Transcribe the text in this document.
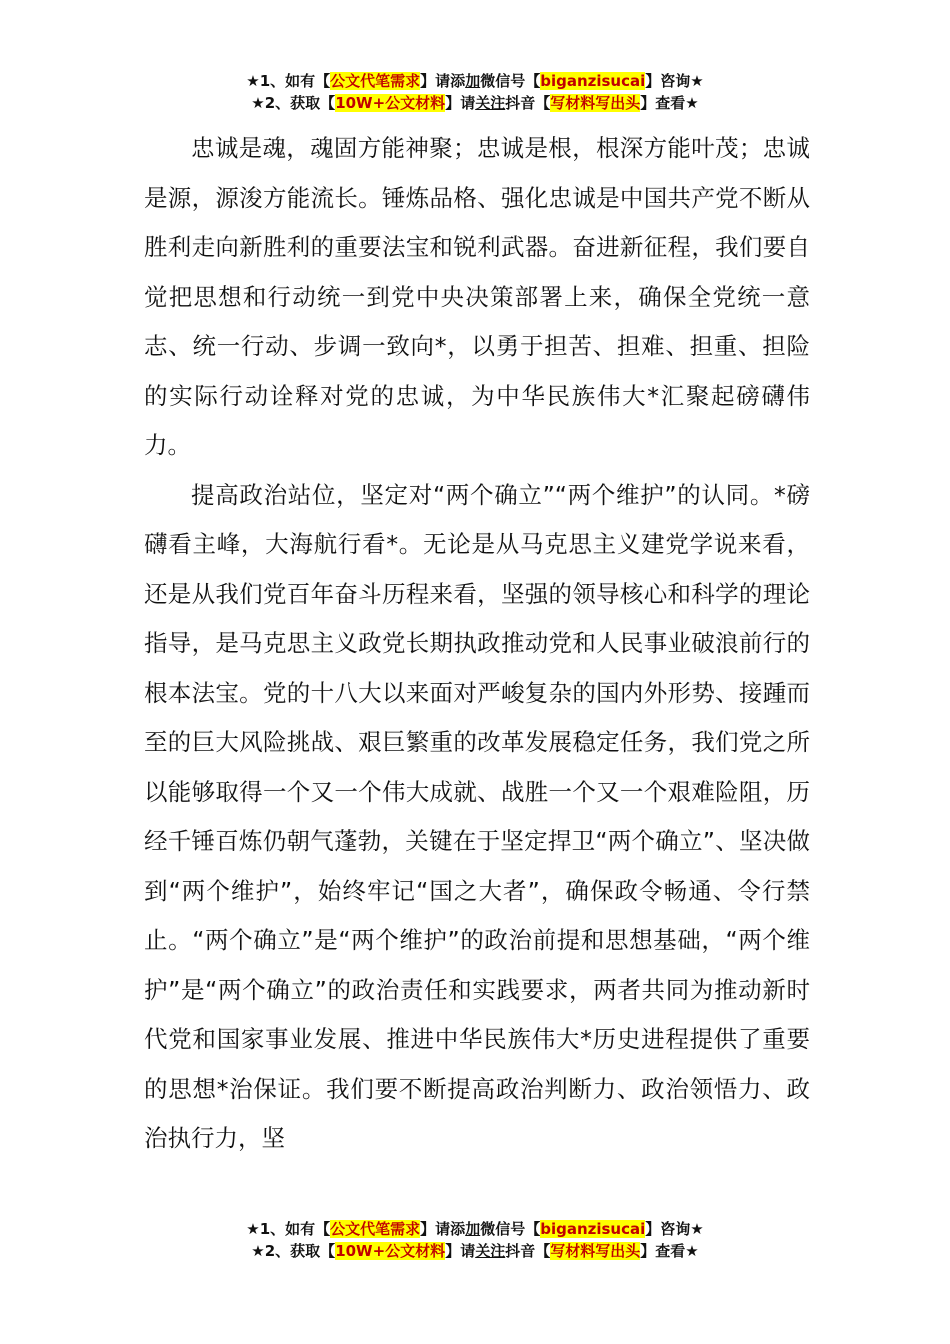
★1、如有【公文代笔需求】请添加微信号【biganzisucai】咨询★
★2、获取【10W+公文材料】请关注抖音【写材料写出头】查看★

忠诚是魂，魂固方能神聚；忠诚是根，根深方能叶茂；忠诚是源，源浚方能流长。锤炼品格、强化忠诚是中国共产党不断从胜利走向新胜利的重要法宝和锐利武器。奋进新征程，我们要自觉把思想和行动统一到党中央决策部署上来，确保全党统一意志、统一行动、步调一致向*，以勇于担苦、担难、担重、担险的实际行动诠释对党的忠诚，为中华民族伟大*汇聚起磅礴伟力。

提高政治站位，坚定对“两个确立”“两个维护”的认同。*磅礴看主峰，大海航行看*。无论是从马克思主义建党学说来看，还是从我们党百年奋斗历程来看，坚强的领导核心和科学的理论指导，是马克思主义政党长期执政推动党和人民事业破浪前行的根本法宝。党的十八大以来面对严峻复杂的国内外形势、接踵而至的巨大风险挑战、艰巨繁重的改革发展稳定任务，我们党之所以能够取得一个又一个伟大成就、战胜一个又一个艰难险阻，历经千锤百炼仍朝气蓬勃，关键在于坚定捍卫“两个确立”、坚决做到“两个维护”，始终牢记“国之大者”，确保政令畅通、令行禁止。“两个确立”是“两个维护”的政治前提和思想基础，“两个维护”是“两个确立”的政治责任和实践要求，两者共同为推动新时代党和国家事业发展、推进中华民族伟大*历史进程提供了重要的思想*治保证。我们要不断提高政治判断力、政治领悟力、政治执行力，坚

★1、如有【公文代笔需求】请添加微信号【biganzisucai】咨询★
★2、获取【10W+公文材料】请关注抖音【写材料写出头】查看★
